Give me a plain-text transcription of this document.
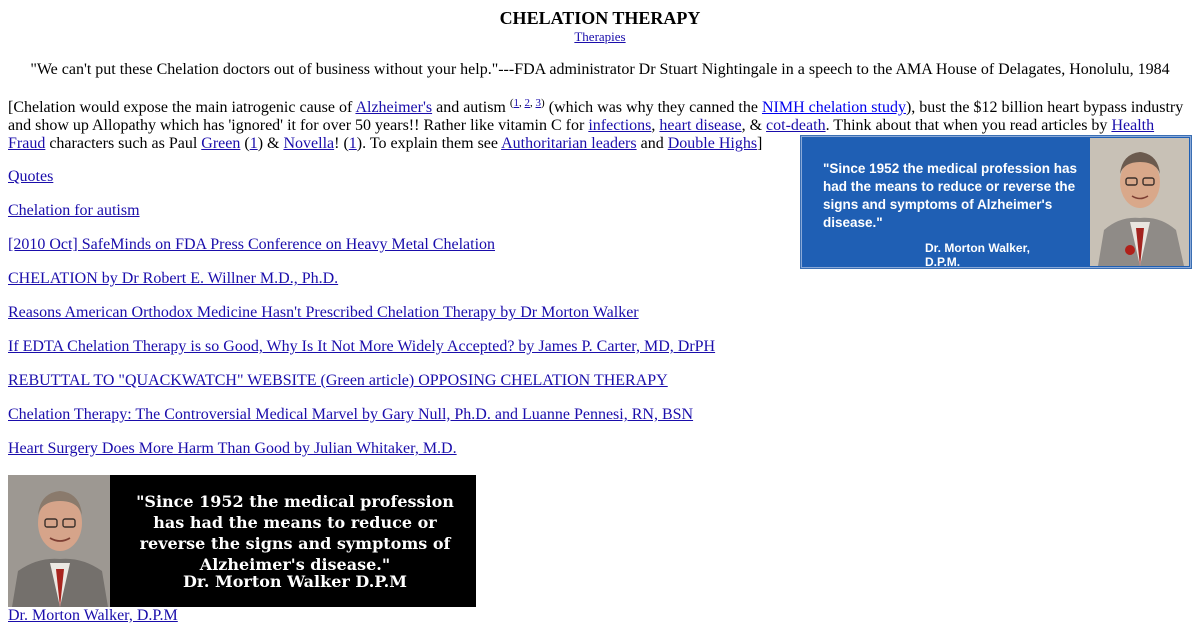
CHELATION THERAPY
Therapies
"We can't put these Chelation doctors out of business without your help."---FDA administrator Dr Stuart Nightingale in a speech to the AMA House of Delagates, Honolulu, 1984
[Chelation would expose the main iatrogenic cause of Alzheimer's and autism $^{(1, 2, 3)}$ (which was why they canned the NIMH chelation study), bust the $12 billion heart bypass industry and show up Allopathy which has 'ignored' it for over 50 years!! Rather like vitamin C for infections, heart disease, & cot-death. Think about that when you read articles by Health Fraud characters such as Paul Green (1) & Novella! (1). To explain them see Authoritarian leaders and Double Highs]
"Since 1952 the medical profession has had the means to reduce or reverse the signs and symptoms of Alzheimer's disease."
Dr. Morton Walker, D.P.M.
Quotes
Chelation for autism
[2010 Oct] SafeMinds on FDA Press Conference on Heavy Metal Chelation
CHELATION by Dr Robert E. Willner M.D., Ph.D.
Reasons American Orthodox Medicine Hasn't Prescribed Chelation Therapy by Dr Morton Walker
If EDTA Chelation Therapy is so Good, Why Is It Not More Widely Accepted? by James P. Carter, MD, DrPH
REBUTTAL TO "QUACKWATCH" WEBSITE (Green article) OPPOSING CHELATION THERAPY
Chelation Therapy: The Controversial Medical Marvel by Gary Null, Ph.D. and Luanne Pennesi, RN, BSN
Heart Surgery Does More Harm Than Good by Julian Whitaker, M.D.
"Since 1952 the medical profession has had the means to reduce or reverse the signs and symptoms of Alzheimer's disease."
Dr. Morton Walker D.P.M
Dr. Morton Walker, D.P.M
